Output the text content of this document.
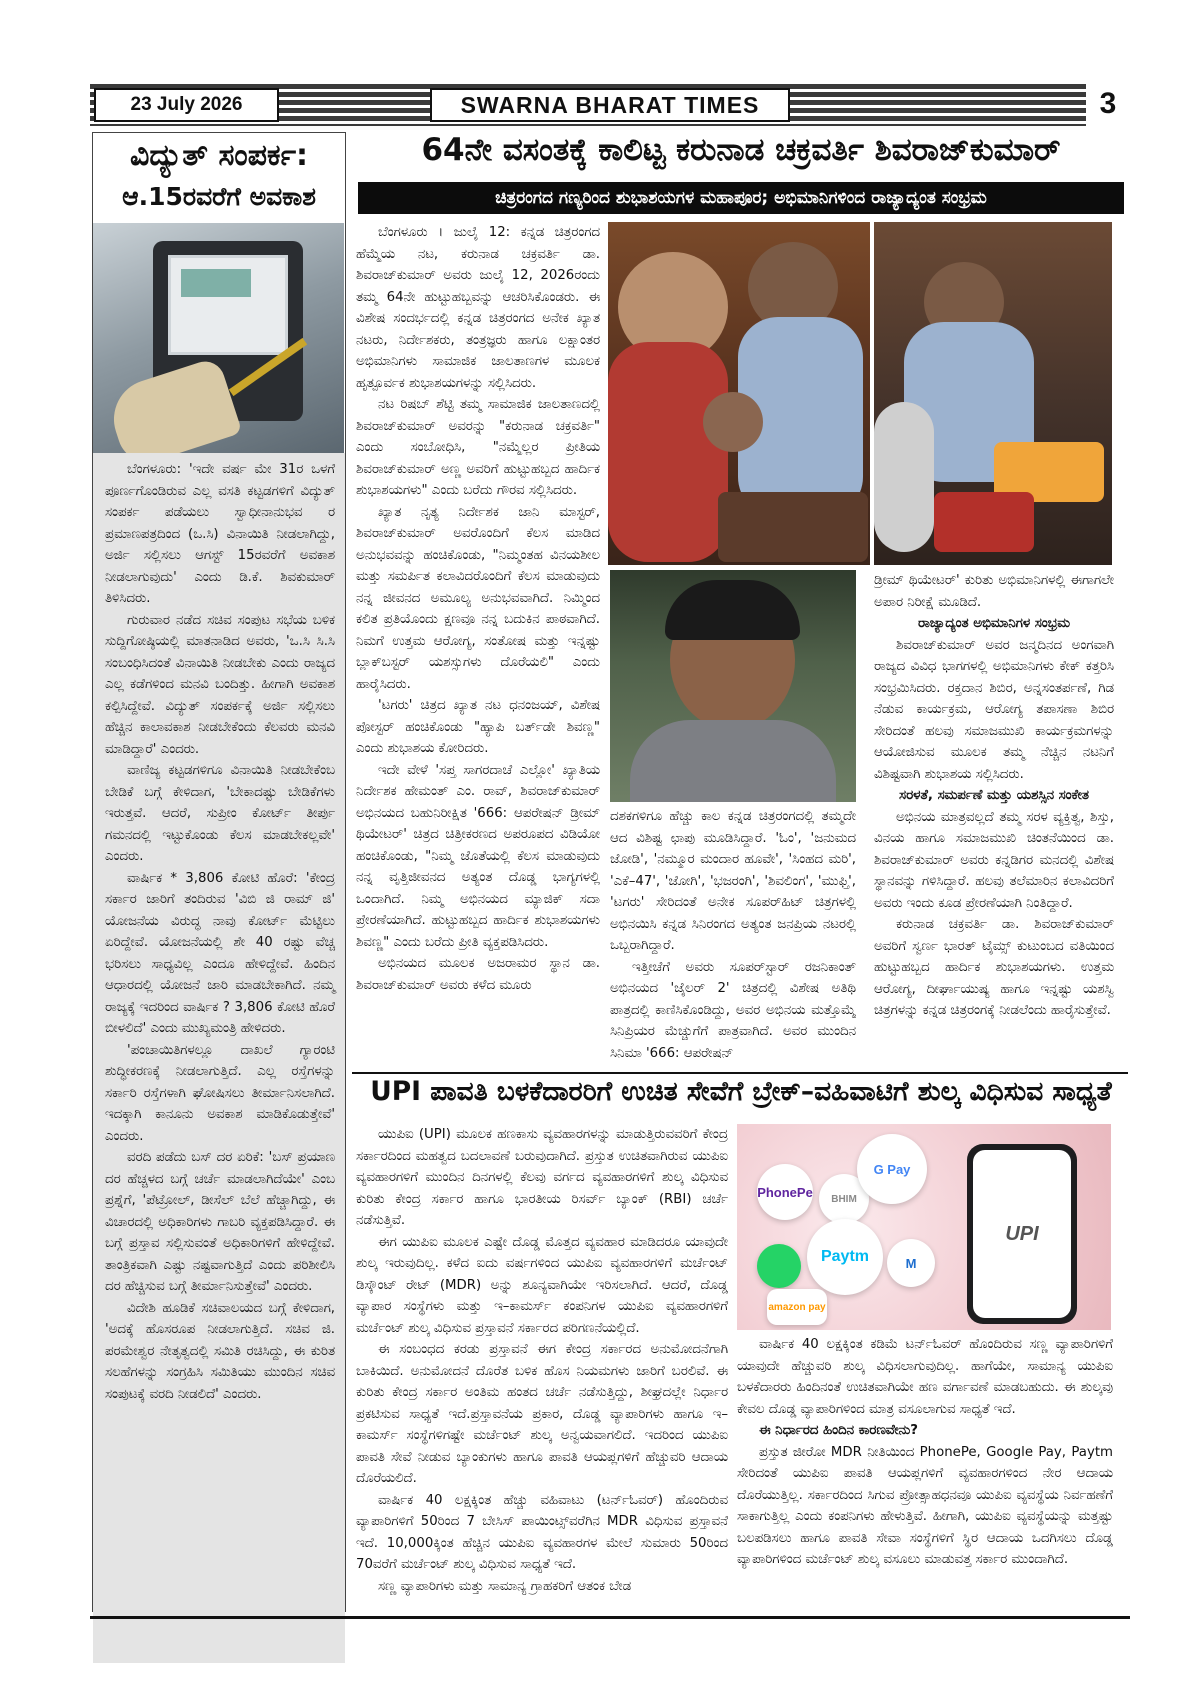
23 July 2026	SWARNA BHARAT TIMES	3
ವಿದ್ಯುತ್ ಸಂಪರ್ಕ:
ಆ.15ರವರೆಗೆ ಅವಕಾಶ

ಬೆಂಗಳೂರು: 'ಇದೇ ವರ್ಷ ಮೇ 31ರ ಒಳಗೆ ಪೂರ್ಣಗೊಂಡಿರುವ ಎಲ್ಲ ವಸತಿ ಕಟ್ಟಡಗಳಿಗೆ ವಿದ್ಯುತ್ ಸಂಪರ್ಕ ಪಡೆಯಲು ಸ್ವಾಧೀನಾನುಭವ ರ ಪ್ರಮಾಣಪತ್ರದಿಂದ (ಒ.ಸಿ) ವಿನಾಯಿತಿ ನೀಡಲಾಗಿದ್ದು, ಅರ್ಜಿ ಸಲ್ಲಿಸಲು ಆಗಸ್ಟ್ 15ರವರೆಗೆ ಅವಕಾಶ ನೀಡಲಾಗುವುದು' ಎಂದು ಡಿ.ಕೆ. ಶಿವಕುಮಾರ್ ತಿಳಿಸಿದರು.

ಗುರುವಾರ ನಡೆದ ಸಚಿವ ಸಂಪುಟ ಸಭೆಯ ಬಳಿಕ ಸುದ್ದಿಗೋಷ್ಠಿಯಲ್ಲಿ ಮಾತನಾಡಿದ ಅವರು, 'ಒ.ಸಿ ಸಿ.ಸಿ ಸಂಬಂಧಿಸಿದಂತೆ ವಿನಾಯಿತಿ ನೀಡಬೇಕು ಎಂದು ರಾಜ್ಯದ ಎಲ್ಲ ಕಡೆಗಳಿಂದ ಮನವಿ ಬಂದಿತ್ತು. ಹೀಗಾಗಿ ಅವಕಾಶ ಕಲ್ಪಿಸಿದ್ದೇವೆ. ವಿದ್ಯುತ್ ಸಂಪರ್ಕಕ್ಕೆ ಅರ್ಜಿ ಸಲ್ಲಿಸಲು ಹೆಚ್ಚಿನ ಕಾಲಾವಕಾಶ ನೀಡಬೇಕೆಂದು ಕೆಲವರು ಮನವಿ ಮಾಡಿದ್ದಾರೆ' ಎಂದರು.

ವಾಣಿಜ್ಯ ಕಟ್ಟಡಗಳಿಗೂ ವಿನಾಯಿತಿ ನೀಡಬೇಕೆಂಬ ಬೇಡಿಕೆ ಬಗ್ಗೆ ಕೇಳಿದಾಗ, 'ಬೇಕಾದಷ್ಟು ಬೇಡಿಕೆಗಳು ಇರುತ್ತವೆ. ಆದರೆ, ಸುಪ್ರೀಂ ಕೋರ್ಟ್ ತೀರ್ಪು ಗಮನದಲ್ಲಿ ಇಟ್ಟುಕೊಂಡು ಕೆಲಸ ಮಾಡಬೇಕಲ್ಲವೇ' ಎಂದರು.

ವಾರ್ಷಿಕ * 3,806 ಕೋಟಿ ಹೊರೆ: 'ಕೇಂದ್ರ ಸರ್ಕಾರ ಜಾರಿಗೆ ತಂದಿರುವ 'ವಿಬಿ ಜಿ ರಾಮ್ ಜಿ' ಯೋಜನೆಯ ವಿರುದ್ಧ ನಾವು ಕೋರ್ಟ್ ಮೆಟ್ಟಿಲು ಏರಿದ್ದೇವೆ. ಯೋಜನೆಯಲ್ಲಿ ಶೇ 40 ರಷ್ಟು ವೆಚ್ಚ ಭರಿಸಲು ಸಾಧ್ಯವಿಲ್ಲ ಎಂದೂ ಹೇಳಿದ್ದೇವೆ. ಹಿಂದಿನ ಆಧಾರದಲ್ಲಿ ಯೋಜನೆ ಜಾರಿ ಮಾಡಬೇಕಾಗಿದೆ. ನಮ್ಮ ರಾಜ್ಯಕ್ಕೆ ಇದರಿಂದ ವಾರ್ಷಿಕ ? 3,806 ಕೋಟಿ ಹೊರೆ ಬೀಳಲಿದೆ' ಎಂದು ಮುಖ್ಯಮಂತ್ರಿ ಹೇಳಿದರು.

'ಪಂಚಾಯಿತಿಗಳಲ್ಲೂ ದಾಖಲೆ ಗ್ಯಾರಂಟಿ ಶುದ್ಧೀಕರಣಕ್ಕೆ ನೀಡಲಾಗುತ್ತಿದೆ. ಎಲ್ಲ ರಸ್ತೆಗಳನ್ನು ಸರ್ಕಾರಿ ರಸ್ತೆಗಳಾಗಿ ಘೋಷಿಸಲು ತೀರ್ಮಾನಿಸಲಾಗಿದೆ. ಇದಕ್ಕಾಗಿ ಕಾನೂನು ಅವಕಾಶ ಮಾಡಿಕೊಡುತ್ತೇವೆ' ಎಂದರು.

ವರದಿ ಪಡೆದು ಬಸ್ ದರ ಏರಿಕೆ: 'ಬಸ್ ಪ್ರಯಾಣ ದರ ಹೆಚ್ಚಳದ ಬಗ್ಗೆ ಚರ್ಚೆ ಮಾಡಲಾಗಿದೆಯೇ' ಎಂಬ ಪ್ರಶ್ನೆಗೆ, 'ಪೆಟ್ರೋಲ್, ಡೀಸೆಲ್ ಬೆಲೆ ಹೆಚ್ಚಾಗಿದ್ದು, ಈ ವಿಚಾರದಲ್ಲಿ ಅಧಿಕಾರಿಗಳು ಗಾಬರಿ ವ್ಯಕ್ತಪಡಿಸಿದ್ದಾರೆ. ಈ ಬಗ್ಗೆ ಪ್ರಸ್ತಾವ ಸಲ್ಲಿಸುವಂತೆ ಅಧಿಕಾರಿಗಳಿಗೆ ಹೇಳಿದ್ದೇವೆ. ತಾಂತ್ರಿಕವಾಗಿ ಎಷ್ಟು ನಷ್ಟವಾಗುತ್ತಿದೆ ಎಂದು ಪರಿಶೀಲಿಸಿ ದರ ಹೆಚ್ಚಿಸುವ ಬಗ್ಗೆ ತೀರ್ಮಾನಿಸುತ್ತೇವೆ' ಎಂದರು.

ವಿದೇಶಿ ಹೂಡಿಕೆ ಸಚಿವಾಲಯದ ಬಗ್ಗೆ ಕೇಳಿದಾಗ, 'ಅದಕ್ಕೆ ಹೊಸರೂಪ ನೀಡಲಾಗುತ್ತಿದೆ. ಸಚಿವ ಜಿ. ಪರಮೇಶ್ವರ ನೇತೃತ್ವದಲ್ಲಿ ಸಮಿತಿ ರಚಿಸಿದ್ದು, ಈ ಕುರಿತ ಸಲಹೆಗಳನ್ನು ಸಂಗ್ರಹಿಸಿ ಸಮಿತಿಯು ಮುಂದಿನ ಸಚಿವ ಸಂಪುಟಕ್ಕೆ ವರದಿ ನೀಡಲಿದೆ' ಎಂದರು.

64ನೇ ವಸಂತಕ್ಕೆ ಕಾಲಿಟ್ಟ ಕರುನಾಡ ಚಕ್ರವರ್ತಿ ಶಿವರಾಜ್‌ಕುಮಾರ್
ಚಿತ್ರರಂಗದ ಗಣ್ಯರಿಂದ ಶುಭಾಶಯಗಳ ಮಹಾಪೂರ; ಅಭಿಮಾನಿಗಳಿಂದ ರಾಜ್ಯಾದ್ಯಂತ ಸಂಭ್ರಮ

ಬೆಂಗಳೂರು । ಜುಲೈ 12: ಕನ್ನಡ ಚಿತ್ರರಂಗದ ಹೆಮ್ಮೆಯ ನಟ, ಕರುನಾಡ ಚಕ್ರವರ್ತಿ ಡಾ. ಶಿವರಾಜ್‌ಕುಮಾರ್ ಅವರು ಜುಲೈ 12, 2026ರಂದು ತಮ್ಮ 64ನೇ ಹುಟ್ಟುಹಬ್ಬವನ್ನು ಆಚರಿಸಿಕೊಂಡರು. ಈ ವಿಶೇಷ ಸಂದರ್ಭದಲ್ಲಿ ಕನ್ನಡ ಚಿತ್ರರಂಗದ ಅನೇಕ ಖ್ಯಾತ ನಟರು, ನಿರ್ದೇಶಕರು, ತಂತ್ರಜ್ಞರು ಹಾಗೂ ಲಕ್ಷಾಂತರ ಅಭಿಮಾನಿಗಳು ಸಾಮಾಜಿಕ ಜಾಲತಾಣಗಳ ಮೂಲಕ ಹೃತ್ಪೂರ್ವಕ ಶುಭಾಶಯಗಳನ್ನು ಸಲ್ಲಿಸಿದರು.

ನಟ ರಿಷಬ್ ಶೆಟ್ಟಿ ತಮ್ಮ ಸಾಮಾಜಿಕ ಜಾಲತಾಣದಲ್ಲಿ ಶಿವರಾಜ್‌ಕುಮಾರ್ ಅವರನ್ನು "ಕರುನಾಡ ಚಕ್ರವರ್ತಿ" ಎಂದು ಸಂಬೋಧಿಸಿ, "ನಮ್ಮೆಲ್ಲರ ಪ್ರೀತಿಯ ಶಿವರಾಜ್‌ಕುಮಾರ್ ಅಣ್ಣ ಅವರಿಗೆ ಹುಟ್ಟುಹಬ್ಬದ ಹಾರ್ದಿಕ ಶುಭಾಶಯಗಳು" ಎಂದು ಬರೆದು ಗೌರವ ಸಲ್ಲಿಸಿದರು.

ಖ್ಯಾತ ನೃತ್ಯ ನಿರ್ದೇಶಕ ಜಾನಿ ಮಾಸ್ಟರ್, ಶಿವರಾಜ್‌ಕುಮಾರ್ ಅವರೊಂದಿಗೆ ಕೆಲಸ ಮಾಡಿದ ಅನುಭವವನ್ನು ಹಂಚಿಕೊಂಡು, "ನಿಮ್ಮಂತಹ ವಿನಯಶೀಲ ಮತ್ತು ಸಮರ್ಪಿತ ಕಲಾವಿದರೊಂದಿಗೆ ಕೆಲಸ ಮಾಡುವುದು ನನ್ನ ಜೀವನದ ಅಮೂಲ್ಯ ಅನುಭವವಾಗಿದೆ. ನಿಮ್ಮಿಂದ ಕಲಿತ ಪ್ರತಿಯೊಂದು ಕ್ಷಣವೂ ನನ್ನ ಬದುಕಿನ ಪಾಠವಾಗಿದೆ. ನಿಮಗೆ ಉತ್ತಮ ಆರೋಗ್ಯ, ಸಂತೋಷ ಮತ್ತು ಇನ್ನಷ್ಟು ಬ್ಲಾಕ್‌ಬಸ್ಟರ್ ಯಶಸ್ಸುಗಳು ದೊರೆಯಲಿ" ಎಂದು ಹಾರೈಸಿದರು.

'ಟಗರು' ಚಿತ್ರದ ಖ್ಯಾತ ನಟ ಧನಂಜಯ್, ವಿಶೇಷ ಪೋಸ್ಟರ್ ಹಂಚಿಕೊಂಡು "ಹ್ಯಾಪಿ ಬರ್ತ್‌ಡೇ ಶಿವಣ್ಣ" ಎಂದು ಶುಭಾಶಯ ಕೋರಿದರು.

ಇದೇ ವೇಳೆ 'ಸಪ್ತ ಸಾಗರದಾಚೆ ಎಲ್ಲೋ' ಖ್ಯಾತಿಯ ನಿರ್ದೇಶಕ ಹೇಮಂತ್ ಎಂ. ರಾವ್, ಶಿವರಾಜ್‌ಕುಮಾರ್ ಅಭಿನಯದ ಬಹುನಿರೀಕ್ಷಿತ '666: ಆಪರೇಷನ್ ಡ್ರೀಮ್ ಥಿಯೇಟರ್' ಚಿತ್ರದ ಚಿತ್ರೀಕರಣದ ಅಪರೂಪದ ವಿಡಿಯೋ ಹಂಚಿಕೊಂಡು, "ನಿಮ್ಮ ಜೊತೆಯಲ್ಲಿ ಕೆಲಸ ಮಾಡುವುದು ನನ್ನ ವೃತ್ತಿಜೀವನದ ಅತ್ಯಂತ ದೊಡ್ಡ ಭಾಗ್ಯಗಳಲ್ಲಿ ಒಂದಾಗಿದೆ. ನಿಮ್ಮ ಅಭಿನಯದ ಮ್ಯಾಜಿಕ್ ಸದಾ ಪ್ರೇರಣೆಯಾಗಿದೆ. ಹುಟ್ಟುಹಬ್ಬದ ಹಾರ್ದಿಕ ಶುಭಾಶಯಗಳು ಶಿವಣ್ಣ" ಎಂದು ಬರೆದು ಪ್ರೀತಿ ವ್ಯಕ್ತಪಡಿಸಿದರು.

ಅಭಿನಯದ ಮೂಲಕ ಅಜರಾಮರ ಸ್ಥಾನ ಡಾ. ಶಿವರಾಜ್‌ಕುಮಾರ್ ಅವರು ಕಳೆದ ಮೂರು

ದಶಕಗಳಿಗೂ ಹೆಚ್ಚು ಕಾಲ ಕನ್ನಡ ಚಿತ್ರರಂಗದಲ್ಲಿ ತಮ್ಮದೇ ಆದ ವಿಶಿಷ್ಟ ಛಾಪು ಮೂಡಿಸಿದ್ದಾರೆ. 'ಓಂ', 'ಜನುಮದ ಜೋಡಿ', 'ನಮ್ಮೂರ ಮಂದಾರ ಹೂವೇ', 'ಸಿಂಹದ ಮರಿ', 'ಎಕೆ–47', 'ಜೋಗಿ', 'ಭಜರಂಗಿ', 'ಶಿವಲಿಂಗ', 'ಮುಫ್ತಿ', 'ಟಗರು' ಸೇರಿದಂತೆ ಅನೇಕ ಸೂಪರ್‌ಹಿಟ್ ಚಿತ್ರಗಳಲ್ಲಿ ಅಭಿನಯಿಸಿ ಕನ್ನಡ ಸಿನಿರಂಗದ ಅತ್ಯಂತ ಜನಪ್ರಿಯ ನಟರಲ್ಲಿ ಒಬ್ಬರಾಗಿದ್ದಾರೆ.

ಇತ್ತೀಚೆಗೆ ಅವರು ಸೂಪರ್‌ಸ್ಟಾರ್ ರಜನಿಕಾಂತ್ ಅಭಿನಯದ 'ಜೈಲರ್ 2' ಚಿತ್ರದಲ್ಲಿ ವಿಶೇಷ ಅತಿಥಿ ಪಾತ್ರದಲ್ಲಿ ಕಾಣಿಸಿಕೊಂಡಿದ್ದು, ಅವರ ಅಭಿನಯ ಮತ್ತೊಮ್ಮೆ ಸಿನಿಪ್ರಿಯರ ಮೆಚ್ಚುಗೆಗೆ ಪಾತ್ರವಾಗಿದೆ. ಅವರ ಮುಂದಿನ ಸಿನಿಮಾ '666: ಆಪರೇಷನ್

ಡ್ರೀಮ್ ಥಿಯೇಟರ್' ಕುರಿತು ಅಭಿಮಾನಿಗಳಲ್ಲಿ ಈಗಾಗಲೇ ಅಪಾರ ನಿರೀಕ್ಷೆ ಮೂಡಿದೆ.

ರಾಜ್ಯಾದ್ಯಂತ ಅಭಿಮಾನಿಗಳ ಸಂಭ್ರಮ

ಶಿವರಾಜ್‌ಕುಮಾರ್ ಅವರ ಜನ್ಮದಿನದ ಅಂಗವಾಗಿ ರಾಜ್ಯದ ವಿವಿಧ ಭಾಗಗಳಲ್ಲಿ ಅಭಿಮಾನಿಗಳು ಕೇಕ್ ಕತ್ತರಿಸಿ ಸಂಭ್ರಮಿಸಿದರು. ರಕ್ತದಾನ ಶಿಬಿರ, ಅನ್ನಸಂತರ್ಪಣೆ, ಗಿಡ ನೆಡುವ ಕಾರ್ಯಕ್ರಮ, ಆರೋಗ್ಯ ತಪಾಸಣಾ ಶಿಬಿರ ಸೇರಿದಂತೆ ಹಲವು ಸಮಾಜಮುಖಿ ಕಾರ್ಯಕ್ರಮಗಳನ್ನು ಆಯೋಜಿಸುವ ಮೂಲಕ ತಮ್ಮ ನೆಚ್ಚಿನ ನಟನಿಗೆ ವಿಶಿಷ್ಟವಾಗಿ ಶುಭಾಶಯ ಸಲ್ಲಿಸಿದರು.

ಸರಳತೆ, ಸಮರ್ಪಣೆ ಮತ್ತು ಯಶಸ್ಸಿನ ಸಂಕೇತ

ಅಭಿನಯ ಮಾತ್ರವಲ್ಲದೆ ತಮ್ಮ ಸರಳ ವ್ಯಕ್ತಿತ್ವ, ಶಿಸ್ತು, ವಿನಯ ಹಾಗೂ ಸಮಾಜಮುಖಿ ಚಿಂತನೆಯಿಂದ ಡಾ. ಶಿವರಾಜ್‌ಕುಮಾರ್ ಅವರು ಕನ್ನಡಿಗರ ಮನದಲ್ಲಿ ವಿಶೇಷ ಸ್ಥಾನವನ್ನು ಗಳಿಸಿದ್ದಾರೆ. ಹಲವು ತಲೆಮಾರಿನ ಕಲಾವಿದರಿಗೆ ಅವರು ಇಂದು ಕೂಡ ಪ್ರೇರಣೆಯಾಗಿ ನಿಂತಿದ್ದಾರೆ.

ಕರುನಾಡ ಚಕ್ರವರ್ತಿ ಡಾ. ಶಿವರಾಜ್‌ಕುಮಾರ್ ಅವರಿಗೆ ಸ್ವರ್ಣ ಭಾರತ್ ಟೈಮ್ಸ್ ಕುಟುಂಬದ ವತಿಯಿಂದ ಹುಟ್ಟುಹಬ್ಬದ ಹಾರ್ದಿಕ ಶುಭಾಶಯಗಳು. ಉತ್ತಮ ಆರೋಗ್ಯ, ದೀರ್ಘಾಯುಷ್ಯ ಹಾಗೂ ಇನ್ನಷ್ಟು ಯಶಸ್ವಿ ಚಿತ್ರಗಳನ್ನು ಕನ್ನಡ ಚಿತ್ರರಂಗಕ್ಕೆ ನೀಡಲೆಂದು ಹಾರೈಸುತ್ತೇವೆ.

UPI ಪಾವತಿ ಬಳಕೆದಾರರಿಗೆ ಉಚಿತ ಸೇವೆಗೆ ಬ್ರೇಕ್–ವಹಿವಾಟಿಗೆ ಶುಲ್ಕ ವಿಧಿಸುವ ಸಾಧ್ಯತೆ

ಯುಪಿಐ (UPI) ಮೂಲಕ ಹಣಕಾಸು ವ್ಯವಹಾರಗಳನ್ನು ಮಾಡುತ್ತಿರುವವರಿಗೆ ಕೇಂದ್ರ ಸರ್ಕಾರದಿಂದ ಮಹತ್ವದ ಬದಲಾವಣೆ ಬರುವುದಾಗಿದೆ. ಪ್ರಸ್ತುತ ಉಚಿತವಾಗಿರುವ ಯುಪಿಐ ವ್ಯವಹಾರಗಳಿಗೆ ಮುಂದಿನ ದಿನಗಳಲ್ಲಿ ಕೆಲವು ವರ್ಗದ ವ್ಯವಹಾರಗಳಿಗೆ ಶುಲ್ಕ ವಿಧಿಸುವ ಕುರಿತು ಕೇಂದ್ರ ಸರ್ಕಾರ ಹಾಗೂ ಭಾರತೀಯ ರಿಸರ್ವ್ ಬ್ಯಾಂಕ್ (RBI) ಚರ್ಚೆ ನಡೆಸುತ್ತಿವೆ.

ಈಗ ಯುಪಿಐ ಮೂಲಕ ಎಷ್ಟೇ ದೊಡ್ಡ ಮೊತ್ತದ ವ್ಯವಹಾರ ಮಾಡಿದರೂ ಯಾವುದೇ ಶುಲ್ಕ ಇರುವುದಿಲ್ಲ. ಕಳೆದ ಐದು ವರ್ಷಗಳಿಂದ ಯುಪಿಐ ವ್ಯವಹಾರಗಳಿಗೆ ಮರ್ಚೆಂಟ್ ಡಿಸ್ಕೌಂಟ್ ರೇಟ್ (MDR) ಅನ್ನು ಶೂನ್ಯವಾಗಿಯೇ ಇರಿಸಲಾಗಿದೆ. ಆದರೆ, ದೊಡ್ಡ ವ್ಯಾಪಾರ ಸಂಸ್ಥೆಗಳು ಮತ್ತು ಇ–ಕಾಮರ್ಸ್ ಕಂಪನಿಗಳ ಯುಪಿಐ ವ್ಯವಹಾರಗಳಿಗೆ ಮರ್ಚೆಂಟ್ ಶುಲ್ಕ ವಿಧಿಸುವ ಪ್ರಸ್ತಾವನೆ ಸರ್ಕಾರದ ಪರಿಗಣನೆಯಲ್ಲಿದೆ.

ಈ ಸಂಬಂಧದ ಕರಡು ಪ್ರಸ್ತಾವನೆ ಈಗ ಕೇಂದ್ರ ಸರ್ಕಾರದ ಅನುಮೋದನೆಗಾಗಿ ಬಾಕಿಯಿದೆ. ಅನುಮೋದನೆ ದೊರೆತ ಬಳಿಕ ಹೊಸ ನಿಯಮಗಳು ಜಾರಿಗೆ ಬರಲಿವೆ. ಈ ಕುರಿತು ಕೇಂದ್ರ ಸರ್ಕಾರ ಅಂತಿಮ ಹಂತದ ಚರ್ಚೆ ನಡೆಸುತ್ತಿದ್ದು, ಶೀಘ್ರದಲ್ಲೇ ನಿರ್ಧಾರ ಪ್ರಕಟಿಸುವ ಸಾಧ್ಯತೆ ಇದೆ.ಪ್ರಸ್ತಾವನೆಯ ಪ್ರಕಾರ, ದೊಡ್ಡ ವ್ಯಾಪಾರಿಗಳು ಹಾಗೂ ಇ–ಕಾಮರ್ಸ್ ಸಂಸ್ಥೆಗಳಿಗಷ್ಟೇ ಮರ್ಚೆಂಟ್ ಶುಲ್ಕ ಅನ್ವಯವಾಗಲಿದೆ. ಇದರಿಂದ ಯುಪಿಐ ಪಾವತಿ ಸೇವೆ ನೀಡುವ ಬ್ಯಾಂಕುಗಳು ಹಾಗೂ ಪಾವತಿ ಆಯಪ್ಲಗಳಿಗೆ ಹೆಚ್ಚುವರಿ ಆದಾಯ ದೊರೆಯಲಿದೆ.

ವಾರ್ಷಿಕ 40 ಲಕ್ಷಕ್ಕಿಂತ ಹೆಚ್ಚು ವಹಿವಾಟು (ಟರ್ನ್‌ಓವರ್) ಹೊಂದಿರುವ ವ್ಯಾಪಾರಿಗಳಿಗೆ 50ರಿಂದ 7 ಬೇಸಿಸ್ ಪಾಯಿಂಟ್ಸ್‌ವರೆಗಿನ MDR ವಿಧಿಸುವ ಪ್ರಸ್ತಾವನೆ ಇದೆ. 10,000ಕ್ಕಿಂತ ಹೆಚ್ಚಿನ ಯುಪಿಐ ವ್ಯವಹಾರಗಳ ಮೇಲೆ ಸುಮಾರು 50ರಿಂದ 70ವರೆಗೆ ಮರ್ಚೆಂಟ್ ಶುಲ್ಕ ವಿಧಿಸುವ ಸಾಧ್ಯತೆ ಇದೆ.

ಸಣ್ಣ ವ್ಯಾಪಾರಿಗಳು ಮತ್ತು ಸಾಮಾನ್ಯ ಗ್ರಾಹಕರಿಗೆ ಆತಂಕ ಬೇಡ

PhonePe	BHIM
G Pay
Paytm	M
amazon pay
UPI

ವಾರ್ಷಿಕ 40 ಲಕ್ಷಕ್ಕಿಂತ ಕಡಿಮೆ ಟರ್ನ್‌ಓವರ್ ಹೊಂದಿರುವ ಸಣ್ಣ ವ್ಯಾಪಾರಿಗಳಿಗೆ ಯಾವುದೇ ಹೆಚ್ಚುವರಿ ಶುಲ್ಕ ವಿಧಿಸಲಾಗುವುದಿಲ್ಲ. ಹಾಗೆಯೇ, ಸಾಮಾನ್ಯ ಯುಪಿಐ ಬಳಕೆದಾರರು ಹಿಂದಿನಂತೆ ಉಚಿತವಾಗಿಯೇ ಹಣ ವರ್ಗಾವಣೆ ಮಾಡಬಹುದು. ಈ ಶುಲ್ಕವು ಕೇವಲ ದೊಡ್ಡ ವ್ಯಾಪಾರಿಗಳಿಂದ ಮಾತ್ರ ವಸೂಲಾಗುವ ಸಾಧ್ಯತೆ ಇದೆ.

ಈ ನಿರ್ಧಾರದ ಹಿಂದಿನ ಕಾರಣವೇನು?

ಪ್ರಸ್ತುತ ಜೀರೋ MDR ನೀತಿಯಿಂದ PhonePe, Google Pay, Paytm ಸೇರಿದಂತೆ ಯುಪಿಐ ಪಾವತಿ ಆಯಪ್ಲಗಳಿಗೆ ವ್ಯವಹಾರಗಳಿಂದ ನೇರ ಆದಾಯ ದೊರೆಯುತ್ತಿಲ್ಲ. ಸರ್ಕಾರದಿಂದ ಸಿಗುವ ಪ್ರೋತ್ಸಾಹಧನವೂ ಯುಪಿಐ ವ್ಯವಸ್ಥೆಯ ನಿರ್ವಹಣೆಗೆ ಸಾಕಾಗುತ್ತಿಲ್ಲ ಎಂದು ಕಂಪನಿಗಳು ಹೇಳುತ್ತಿವೆ. ಹೀಗಾಗಿ, ಯುಪಿಐ ವ್ಯವಸ್ಥೆಯನ್ನು ಮತ್ತಷ್ಟು ಬಲಪಡಿಸಲು ಹಾಗೂ ಪಾವತಿ ಸೇವಾ ಸಂಸ್ಥೆಗಳಿಗೆ ಸ್ಥಿರ ಆದಾಯ ಒದಗಿಸಲು ದೊಡ್ಡ ವ್ಯಾಪಾರಿಗಳಿಂದ ಮರ್ಚೆಂಟ್ ಶುಲ್ಕ ವಸೂಲು ಮಾಡುವತ್ತ ಸರ್ಕಾರ ಮುಂದಾಗಿದೆ.
